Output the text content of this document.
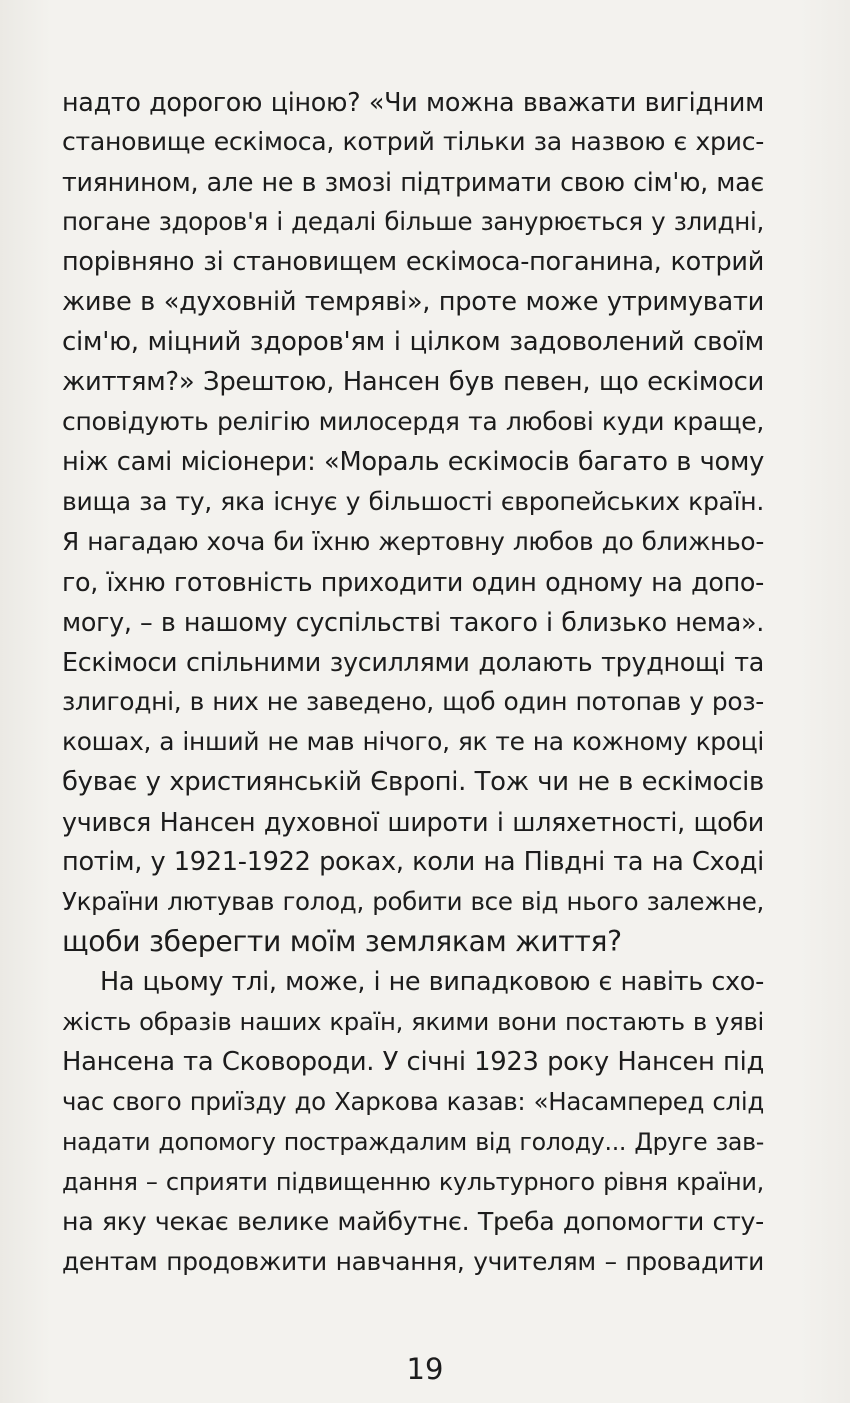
надто дорогою ціною? «Чи можна вважати вигідним
становище ескімоса, котрий тільки за назвою є хрис-
тиянином, але не в змозі підтримати свою сім'ю, має
погане здоров'я і дедалі більше занурюється у злидні,
порівняно зі становищем ескімоса-поганина, котрий
живе в «духовній темряві», проте може утримувати
сім'ю, міцний здоров'ям і цілком задоволений своїм
життям?» Зрештою, Нансен був певен, що ескімоси
сповідують релігію милосердя та любові куди краще,
ніж самі місіонери: «Мораль ескімосів багато в чому
вища за ту, яка існує у більшості європейських країн.
Я нагадаю хоча би їхню жертовну любов до ближньо-
го, їхню готовність приходити один одному на допо-
могу, – в нашому суспільстві такого і близько нема».
Ескімоси спільними зусиллями долають труднощі та
злигодні, в них не заведено, щоб один потопав у роз-
кошах, а інший не мав нічого, як те на кожному кроці
буває у християнській Європі. Тож чи не в ескімосів
учився Нансен духовної широти і шляхетності, щоби
потім, у 1921-1922 роках, коли на Півдні та на Сході
України лютував голод, робити все від нього залежне,
щоби зберегти моїм землякам життя?
На цьому тлі, може, і не випадковою є навіть схо-
жість образів наших країн, якими вони постають в уяві
Нансена та Сковороди. У січні 1923 року Нансен під
час свого приїзду до Харкова казав: «Насамперед слід
надати допомогу постраждалим від голоду... Друге зав-
дання – сприяти підвищенню культурного рівня країни,
на яку чекає велике майбутнє. Треба допомогти сту-
дентам продовжити навчання, учителям – провадити
19
